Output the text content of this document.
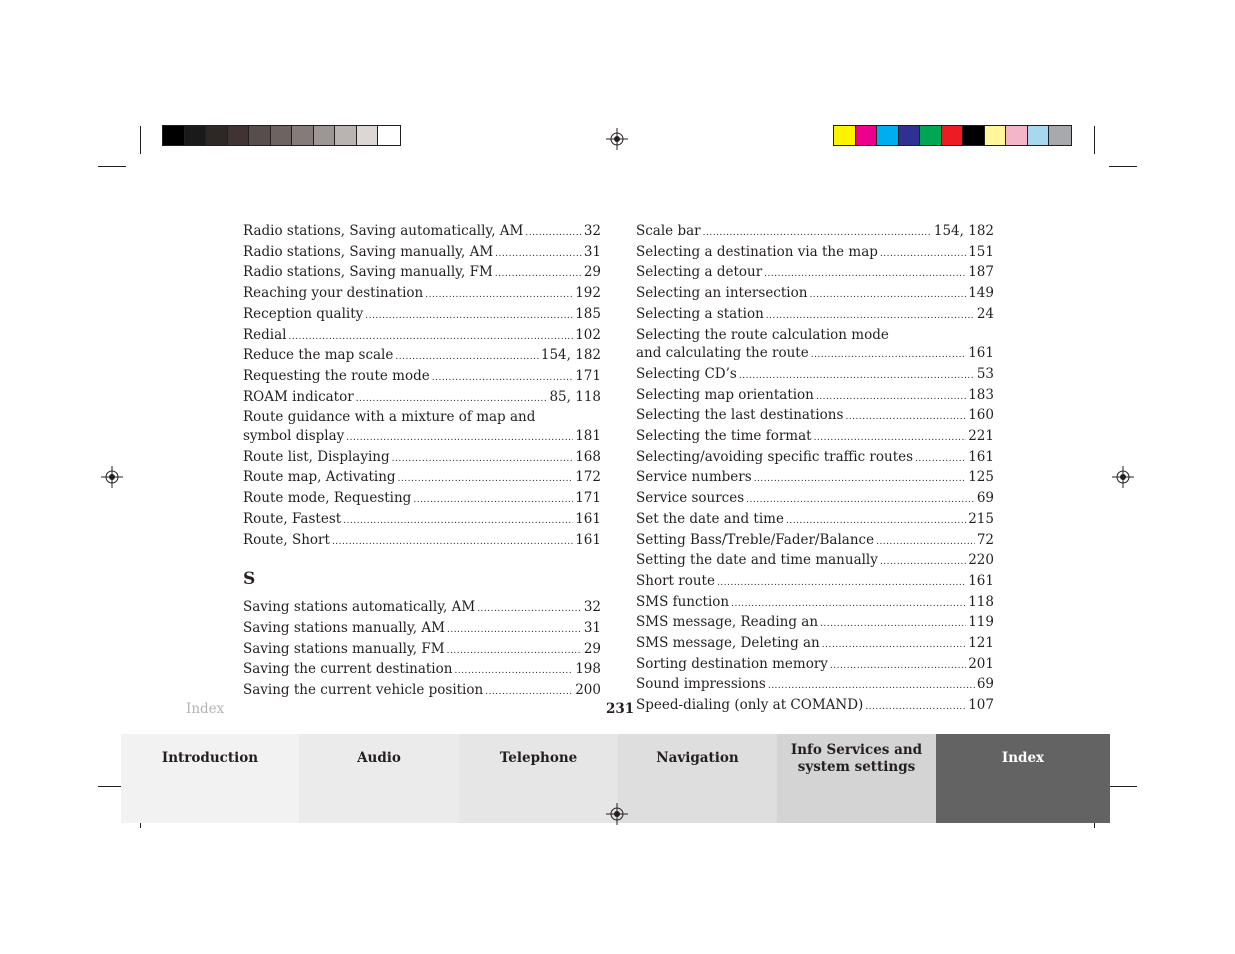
Radio stations, Saving automatically, AM .....	32
Radio stations, Saving manually, AM .....	31
Radio stations, Saving manually, FM .....	29
Reaching your destination .....	192
Reception quality .....	185
Redial .....	102
Reduce the map scale .....	154, 182
Requesting the route mode .....	171
ROAM indicator .....	85, 118
Route guidance with a mixture of map and
symbol display .....	181
Route list, Displaying .....	168
Route map, Activating .....	172
Route mode, Requesting .....	171
Route, Fastest .....	161
Route, Short .....	161
S
Saving stations automatically, AM .....	32
Saving stations manually, AM .....	31
Saving stations manually, FM .....	29
Saving the current destination .....	198
Saving the current vehicle position .....	200
Scale bar .....	154, 182
Selecting a destination via the map .....	151
Selecting a detour .....	187
Selecting an intersection .....	149
Selecting a station .....	24
Selecting the route calculation mode
and calculating the route .....	161
Selecting CD’s .....	53
Selecting map orientation .....	183
Selecting the last destinations .....	160
Selecting the time format .....	221
Selecting/avoiding specific traffic routes .....	161
Service numbers .....	125
Service sources .....	69
Set the date and time .....	215
Setting Bass/Treble/Fader/Balance .....	72
Setting the date and time manually .....	220
Short route .....	161
SMS function .....	118
SMS message, Reading an .....	119
SMS message, Deleting an .....	121
Sorting destination memory .....	201
Sound impressions .....	69
Speed-dialing (only at COMAND) .....	107
Index	231
Introduction	Audio	Telephone	Navigation	Info Services and
system settings
Index
